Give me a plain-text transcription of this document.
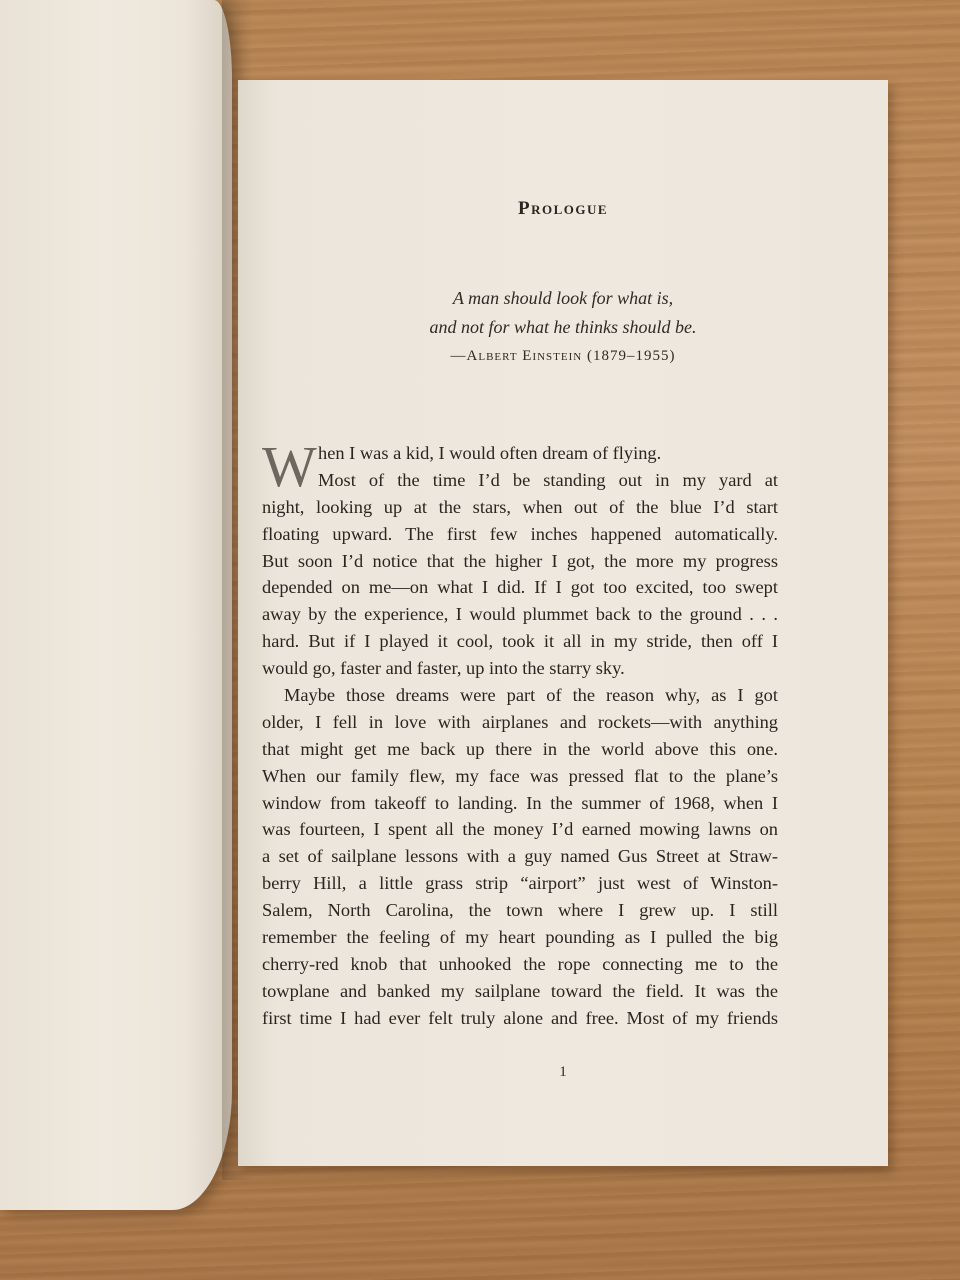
Prologue
A man should look for what is,
and not for what he thinks should be.
—Albert Einstein (1879–1955)
W hen I was a kid, I would often dream of flying.
Most of the time I’d be standing out in my yard at
night, looking up at the stars, when out of the blue I’d start
floating upward. The first few inches happened automatically.
But soon I’d notice that the higher I got, the more my progress
depended on me—on what I did. If I got too excited, too swept
away by the experience, I would plummet back to the ground . . .
hard. But if I played it cool, took it all in my stride, then off I
would go, faster and faster, up into the starry sky.
Maybe those dreams were part of the reason why, as I got
older, I fell in love with airplanes and rockets—with anything
that might get me back up there in the world above this one.
When our family flew, my face was pressed flat to the plane’s
window from takeoff to landing. In the summer of 1968, when I
was fourteen, I spent all the money I’d earned mowing lawns on
a set of sailplane lessons with a guy named Gus Street at Straw-
berry Hill, a little grass strip “airport” just west of Winston-
Salem, North Carolina, the town where I grew up. I still
remember the feeling of my heart pounding as I pulled the big
cherry-red knob that unhooked the rope connecting me to the
towplane and banked my sailplane toward the field. It was the
first time I had ever felt truly alone and free. Most of my friends
1
